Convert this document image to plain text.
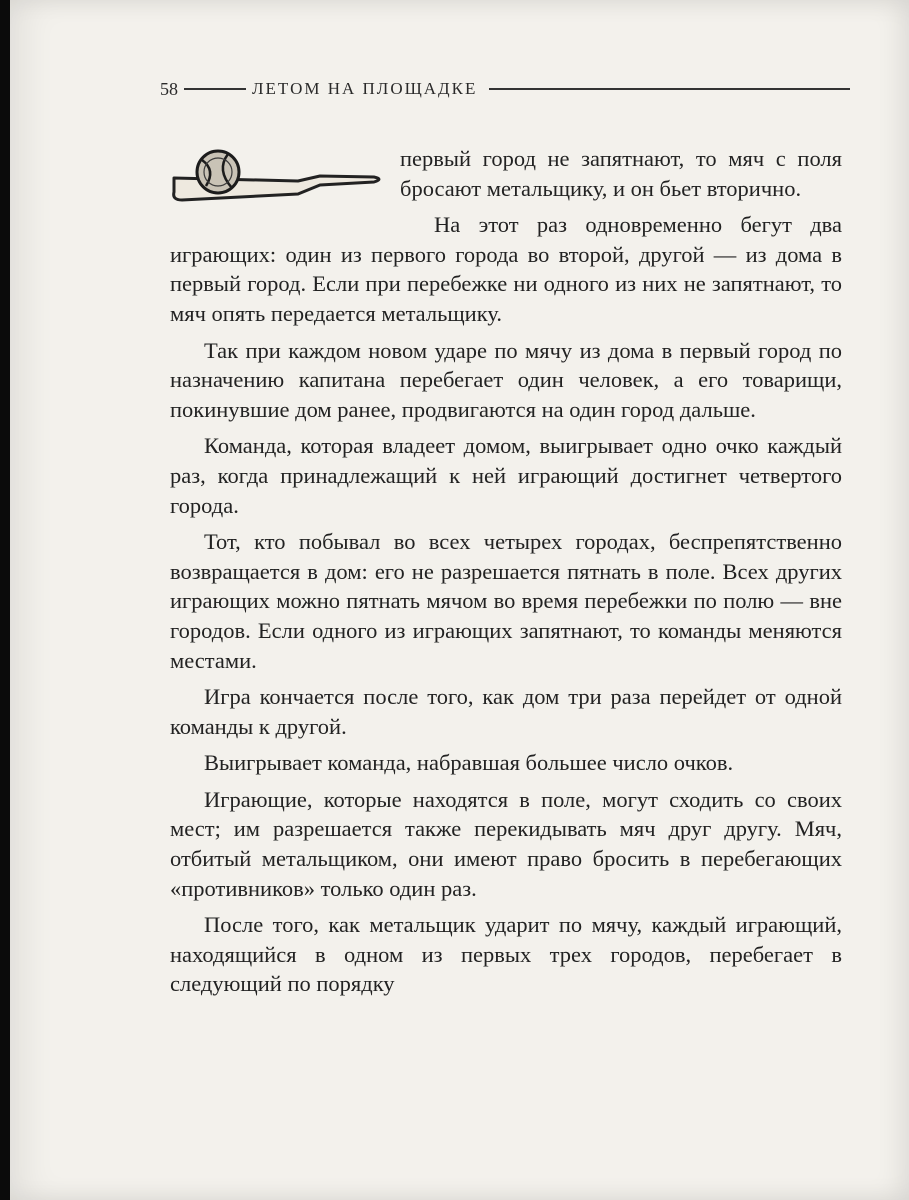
58	ЛЕТОМ НА ПЛОЩАДКЕ

первый город не запятнают, то мяч с поля бросают метальщику, и он бьет вторично.

На этот раз одновременно бегут два играющих: один из первого города во второй, другой — из дома в первый город. Если при перебежке ни одного из них не запятнают, то мяч опять передается метальщику.

Так при каждом новом ударе по мячу из дома в первый город по назначению капитана перебегает один человек, а его товарищи, покинувшие дом ранее, продвигаются на один город дальше.

Команда, которая владеет домом, выигрывает одно очко каждый раз, когда принадлежащий к ней играющий достигнет четвертого города.

Тот, кто побывал во всех четырех городах, беспрепятственно возвращается в дом: его не разрешается пятнать в поле. Всех других играющих можно пятнать мячом во время перебежки по полю — вне городов. Если одного из играющих запятнают, то команды меняются местами.

Игра кончается после того, как дом три раза перейдет от одной команды к другой.

Выигрывает команда, набравшая большее число очков.

Играющие, которые находятся в поле, могут сходить со своих мест; им разрешается также перекидывать мяч друг другу. Мяч, отбитый метальщиком, они имеют право бросить в перебегающих «противников» только один раз.

После того, как метальщик ударит по мячу, каждый играющий, находящийся в одном из первых трех городов, перебегает в следующий по порядку
